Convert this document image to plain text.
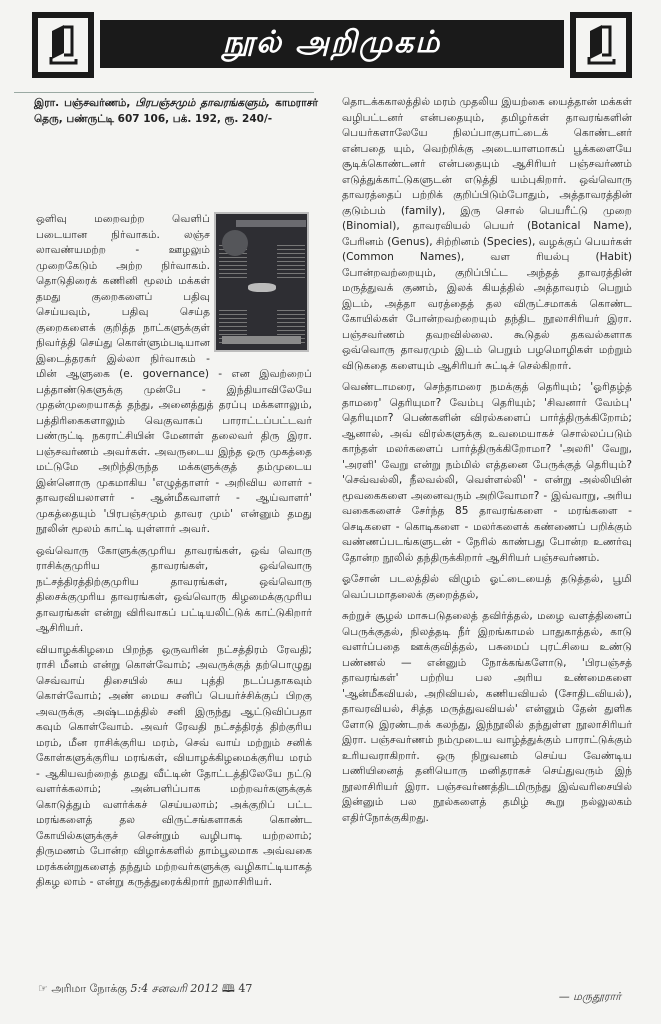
நூல் அறிமுகம்
இரா. பஞ்சவர்ணம், பிரபஞ்சமும் தாவரங்களும், காமராசர் தெரு, பண்ருட்டி 607 106, பக். 192, ரூ. 240/-

ஒளிவு மறைவற்ற வெளிப் படையான நிர்வாகம். லஞ்ச லாவண்யமற்ற - ஊழலும் முறைகேடும் அற்ற நிர்வாகம். தொடுதிரைக் கணினி மூலம் மக்கள் தமது குறைகளைப் பதிவு செய்யவும், பதிவு செய்த குறைகளைக் குறித்த நாட்களுக்குள் நிவர்த்தி செய்து கொள்ளும்படியான இடைத்தரகர் இல்லா நிர்வாகம் - மின் ஆளுகை (e. governance) - என இவற்றைப் பத்தாண்டுகளுக்கு முன்பே - இந்தியாவிலேயே முதன்முறையாகத் தந்து, அனைத்துத் தரப்பு மக்களாலும், பத்திரிகைகளாலும் வெகுவாகப் பாராட்டப்பட்டவர் பண்ருட்டி நகராட்சியின் மேனாள் தலைவர் திரு இரா. பஞ்சவர்ணம் அவர்கள். அவருடைய இந்த ஒரு முகத்தை மட்டுமே அறிந்திருந்த மக்களுக்குத் தம்முடைய இன்னொரு முகமாகிய 'எழுத்தாளர் - அறிவிய லாளர் - தாவரவியலாளர் - ஆன்மீகவாளர் - ஆய்வாளர்' முகத்தையும் 'பிரபஞ்சமும் தாவர மும்' என்னும் தமது நூலின் மூலம் காட்டி யுள்ளார் அவர்.

ஒவ்வொரு கோளுக்குமுரிய தாவரங்கள், ஒவ் வொரு ராசிக்குமுரிய தாவரங்கள், ஒவ்வொரு நட்சத்திரத்திற்குமுரிய தாவரங்கள், ஒவ்வொரு திசைக்குமுரிய தாவரங்கள், ஒவ்வொரு கிழமைக்குமுரிய தாவரங்கள் என்று விரிவாகப் பட்டியலிட்டுக் காட்டுகிறார் ஆசிரியர்.

வியாழக்கிழமை பிறந்த ஒருவரின் நட்சத்திரம் ரேவதி; ராசி மீனம் என்று கொள்வோம்; அவருக்குத் தற்பொழுது செவ்வாய் திசையில் சுய புத்தி நடப்பதாகவும் கொள்வோம்; அண் மைய சனிப் பெயர்ச்சிக்குப் பிறகு அவருக்கு அஷ்டமத்தில் சனி இருந்து ஆட்டுவிப்பதா கவும் கொள்வோம். அவர் ரேவதி நட்சத்திரத் திற்குரிய மரம், மீன ராசிக்குரிய மரம், செவ் வாய் மற்றும் சனிக் கோள்களுக்குரிய மரங்கள், வியாழக்கிழமைக்குரிய மரம் - ஆகியவற்றைத் தமது வீட்டின் தோட்டத்திலேயே நட்டு வளர்க்கலாம்; அன்பளிப்பாக மற்றவர்களுக்குக் கொடுத்தும் வளர்க்கச் செய்யலாம்; அக்குறிப் பட்ட மரங்களைத் தல விருட்சங்களாகக் கொண்ட கோயில்களுக்குச் சென்றும் வழிபாடி யற்றலாம்; திருமணம் போன்ற விழாக்களில் தாம்பூலமாக அவ்வகை மரக்கன்றுகளைத் தந்தும் மற்றவர்களுக்கு வழிகாட்டியாகத் திகழ லாம் - என்று கருத்துரைக்கிறார் நூலாசிரியர்.

தொடக்ககாலத்தில் மரம் முதலிய இயற்கை யைத்தான் மக்கள் வழிபட்டனர் என்பதையும், தமிழர்கள் தாவரங்களின் பெயர்களாலேயே நிலப்பாகுபாட்டைக் கொண்டனர் என்பதை யும், வெற்றிக்கு அடையாளமாகப் பூக்களையே சூடிக்கொண்டனர் என்பதையும் ஆசிரியர் பஞ்சவர்ணம் எடுத்துக்காட்டுகளுடன் எடுத்தி யம்புகிறார். ஒவ்வொரு தாவரத்தைப் பற்றிக் குறிப்பிடும்போதும், அத்தாவரத்தின் குடும்பம் (family), இரு சொல் பெயரீட்டு முறை (Binomial), தாவரவியல் பெயர் (Botanical Name), பேரினம் (Genus), சிற்றினம் (Species), வழக்குப் பெயர்கள் (Common Names), வள ரியல்பு (Habit) போன்றவற்றையும், குறிப்பிட்ட அந்தத் தாவரத்தின் மருத்துவக் குணம், இலக் கியத்தில் அத்தாவரம் பெறும் இடம், அத்தா வரத்தைத் தல விருட்சமாகக் கொண்ட கோயில்கள் போன்றவற்றையும் தந்திட நூலாசிரியர் இரா. பஞ்சவர்ணம் தவறவில்லை. கூடுதல் தகவல்களாக ஒவ்வொரு தாவரமும் இடம் பெறும் பழமொழிகள் மற்றும் விடுகதை களையும் ஆசிரியர் சுட்டிச் செல்கிறார்.

வெண்டாமரை, செந்தாமரை நமக்குத் தெரியும்; 'ஓரிதழ்த் தாமரை' தெரியுமா? வேம்பு தெரியும்; 'சிவனார் வேம்பு' தெரியுமா? பெண்களின் விரல்களைப் பார்த்திருக்கிறோம்; ஆனால், அவ் விரல்களுக்கு உவமையாகச் சொல்லப்படும் காந்தள் மலர்களைப் பார்த்திருக்கிறோமா? 'அலரி' வேறு, 'அரளி' வேறு என்று நம்மில் எத்தனை பேருக்குத் தெரியும்? 'செவ்வல்லி, நீலவல்லி, வெள்ளல்லி' - என்று அல்லியின் மூவகைகளை அனைவரும் அறிவோமா? - இவ்வாறு, அரிய வகைகளைச் சேர்ந்த 85 தாவரங்களை - மரங்களை - செடிகளை - கொடிகளை - மலர்களைக் கண்ணைப் பறிக்கும் வண்ணப்படங்களுடன் - நேரில் காண்பது போன்ற உணர்வு தோன்ற நூலில் தந்திருக்கிறார் ஆசிரியர் பஞ்சவர்ணம்.

ஓசோன் படலத்தில் விழும் ஓட்டையைத் தடுத்தல், பூமி வெப்பமாதலைக் குறைத்தல்,

சுற்றுச் சூழல் மாசுபடுதலைத் தவிர்த்தல், மழை வளத்தினைப் பெருக்குதல், நிலத்தடி நீர் இறங்காமல் பாதுகாத்தல், காடு வளர்ப்பதை ஊக்குவித்தல், பசுமைப் புரட்சியை உண்டு பண்ணல் — என்னும் நோக்கங்களோடு, 'பிரபஞ்சத் தாவரங்கள்' பற்றிய பல அரிய உண்மைகளை 'ஆன்மீகவியல், அறிவியல், கணியவியல் (சோதிடவியல்), தாவரவியல், சித்த மருத்துவவியல்' என்னும் தேன் துளிக ளோடு இரண்டறக் கலந்து, இந்நூலில் தந்துள்ள நூலாசிரியர் இரா. பஞ்சவர்ணம் நம்முடைய வாழ்த்துக்கும் பாராட்டுக்கும் உரியவராகிறார். ஒரு நிறுவனம் செய்ய வேண்டிய பணியினைத் தனியொரு மனிதராகச் செய்துவரும் இந் நூலாசிரியர் இரா. பஞ்சவர்ணத்திடமிருந்து இவ்வரிசையில் இன்னும் பல நூல்களைத் தமிழ் கூறு நல்லுலகம் எதிர்நோக்குகிறது.

— மருதூரார்
☞ அரிமா நோக்கு 5:4 சனவரி 2012 🕮 47
